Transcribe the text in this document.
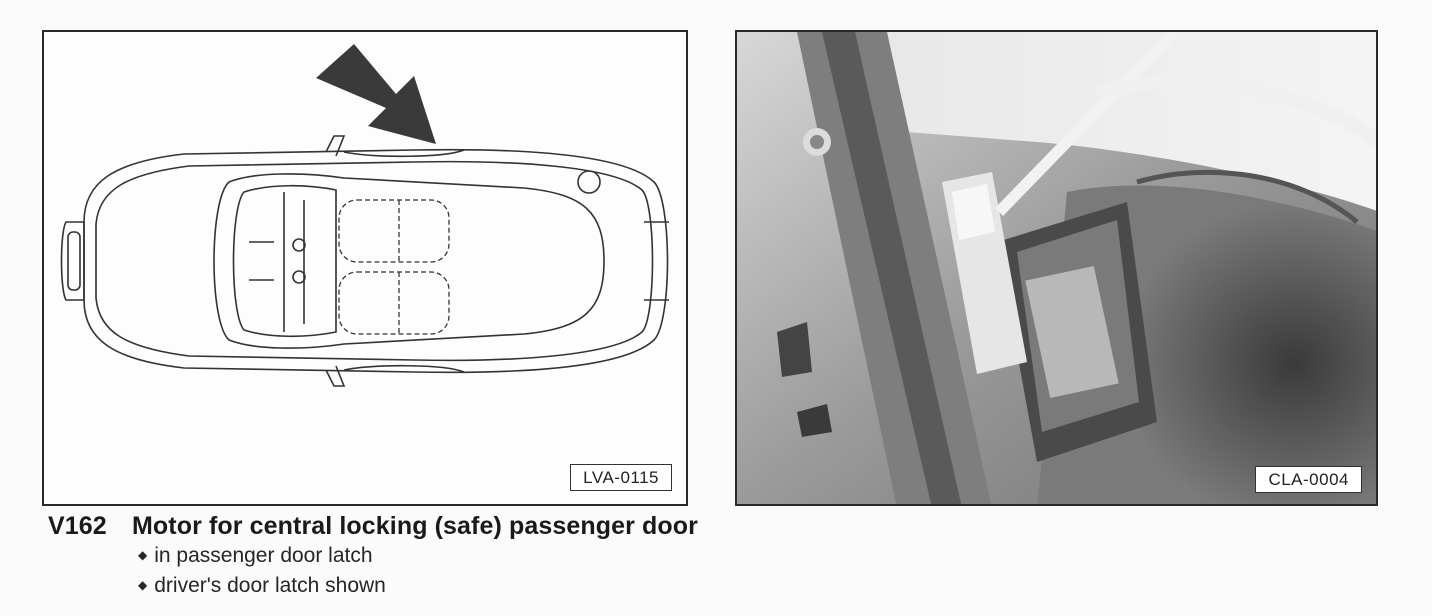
LVA-0115	CLA-0004
V162 Motor for central locking (safe) passenger door
◆ in passenger door latch
◆ driver's door latch shown
